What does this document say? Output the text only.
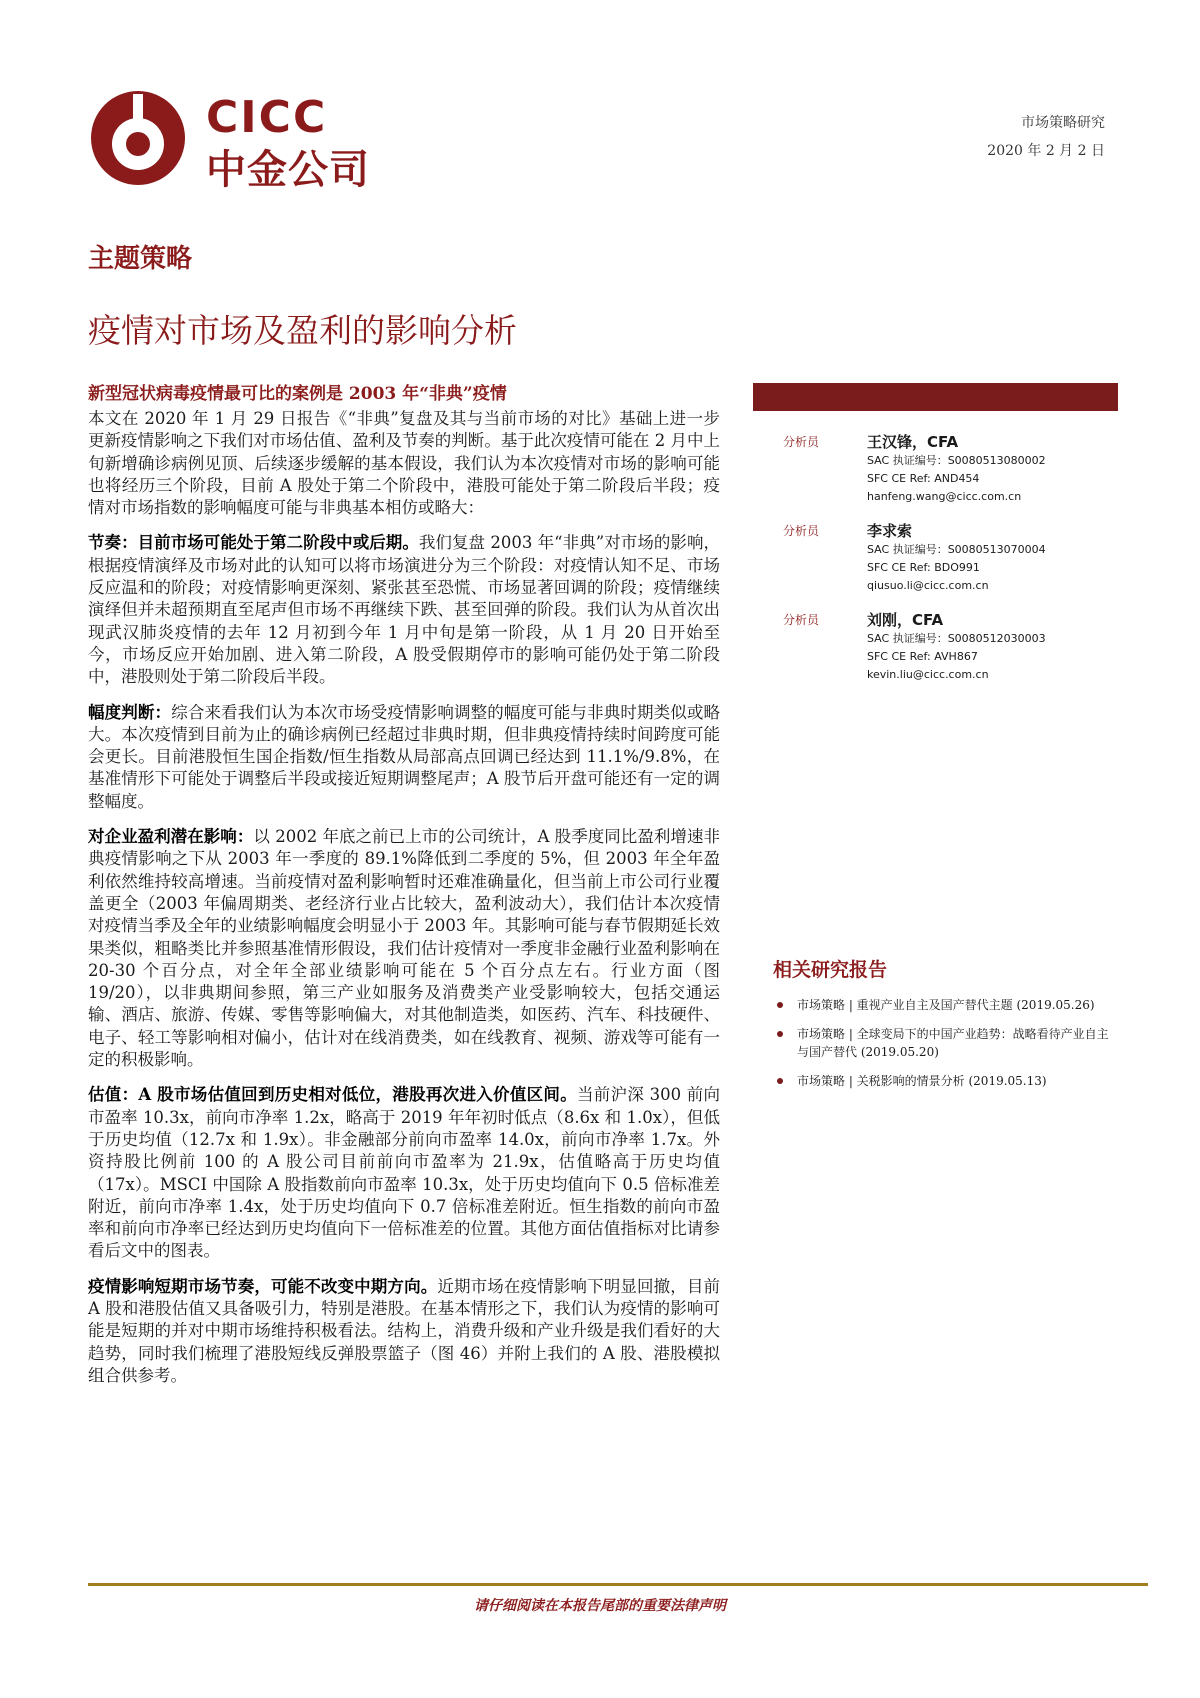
CICC
中金公司
市场策略研究
2020 年 2 月 2 日
主题策略
疫情对市场及盈利的影响分析

新型冠状病毒疫情最可比的案例是 2003 年“非典”疫情

本文在 2020 年 1 月 29 日报告《“非典”复盘及其与当前市场的对比》基础上进一步更新疫情影响之下我们对市场估值、盈利及节奏的判断。基于此次疫情可能在 2 月中上旬新增确诊病例见顶、后续逐步缓解的基本假设，我们认为本次疫情对市场的影响可能也将经历三个阶段，目前 A 股处于第二个阶段中，港股可能处于第二阶段后半段；疫情对市场指数的影响幅度可能与非典基本相仿或略大：

节奏：目前市场可能处于第二阶段中或后期。我们复盘 2003 年“非典”对市场的影响，根据疫情演绎及市场对此的认知可以将市场演进分为三个阶段：对疫情认知不足、市场反应温和的阶段；对疫情影响更深刻、紧张甚至恐慌、市场显著回调的阶段；疫情继续演绎但并未超预期直至尾声但市场不再继续下跌、甚至回弹的阶段。我们认为从首次出现武汉肺炎疫情的去年 12 月初到今年 1 月中旬是第一阶段，从 1 月 20 日开始至今，市场反应开始加剧、进入第二阶段，A 股受假期停市的影响可能仍处于第二阶段中，港股则处于第二阶段后半段。

幅度判断：综合来看我们认为本次市场受疫情影响调整的幅度可能与非典时期类似或略大。本次疫情到目前为止的确诊病例已经超过非典时期，但非典疫情持续时间跨度可能会更长。目前港股恒生国企指数/恒生指数从局部高点回调已经达到 11.1%/9.8%，在基准情形下可能处于调整后半段或接近短期调整尾声；A 股节后开盘可能还有一定的调整幅度。

对企业盈利潜在影响：以 2002 年底之前已上市的公司统计，A 股季度同比盈利增速非典疫情影响之下从 2003 年一季度的 89.1%降低到二季度的 5%，但 2003 年全年盈利依然维持较高增速。当前疫情对盈利影响暂时还难准确量化，但当前上市公司行业覆盖更全（2003 年偏周期类、老经济行业占比较大，盈利波动大），我们估计本次疫情对疫情当季及全年的业绩影响幅度会明显小于 2003 年。其影响可能与春节假期延长效果类似，粗略类比并参照基准情形假设，我们估计疫情对一季度非金融行业盈利影响在 20-30 个百分点，对全年全部业绩影响可能在 5 个百分点左右。行业方面（图 19/20），以非典期间参照，第三产业如服务及消费类产业受影响较大，包括交通运输、酒店、旅游、传媒、零售等影响偏大，对其他制造类，如医药、汽车、科技硬件、电子、轻工等影响相对偏小，估计对在线消费类，如在线教育、视频、游戏等可能有一定的积极影响。

估值：A 股市场估值回到历史相对低位，港股再次进入价值区间。当前沪深 300 前向市盈率 10.3x，前向市净率 1.2x，略高于 2019 年年初时低点（8.6x 和 1.0x），但低于历史均值（12.7x 和 1.9x）。非金融部分前向市盈率 14.0x，前向市净率 1.7x。外资持股比例前 100 的 A 股公司目前前向市盈率为 21.9x，估值略高于历史均值（17x）。MSCI 中国除 A 股指数前向市盈率 10.3x，处于历史均值向下 0.5 倍标准差附近，前向市净率 1.4x，处于历史均值向下 0.7 倍标准差附近。恒生指数的前向市盈率和前向市净率已经达到历史均值向下一倍标准差的位置。其他方面估值指标对比请参看后文中的图表。

疫情影响短期市场节奏，可能不改变中期方向。近期市场在疫情影响下明显回撤，目前 A 股和港股估值又具备吸引力，特别是港股。在基本情形之下，我们认为疫情的影响可能是短期的并对中期市场维持积极看法。结构上，消费升级和产业升级是我们看好的大趋势，同时我们梳理了港股短线反弹股票篮子（图 46）并附上我们的 A 股、港股模拟组合供参考。

分析员	王汉锋，CFA
SAC 执证编号：S0080513080002
SFC CE Ref: AND454
hanfeng.wang@cicc.com.cn
分析员	李求索
SAC 执证编号：S0080513070004
SFC CE Ref: BDO991
qiusuo.li@cicc.com.cn
分析员	刘刚，CFA
SAC 执证编号：S0080512030003
SFC CE Ref: AVH867
kevin.liu@cicc.com.cn
相关研究报告
市场策略 | 重视产业自主及国产替代主题 (2019.05.26)
市场策略 | 全球变局下的中国产业趋势：战略看待产业自主与国产替代 (2019.05.20)
市场策略 | 关税影响的情景分析 (2019.05.13)
请仔细阅读在本报告尾部的重要法律声明
